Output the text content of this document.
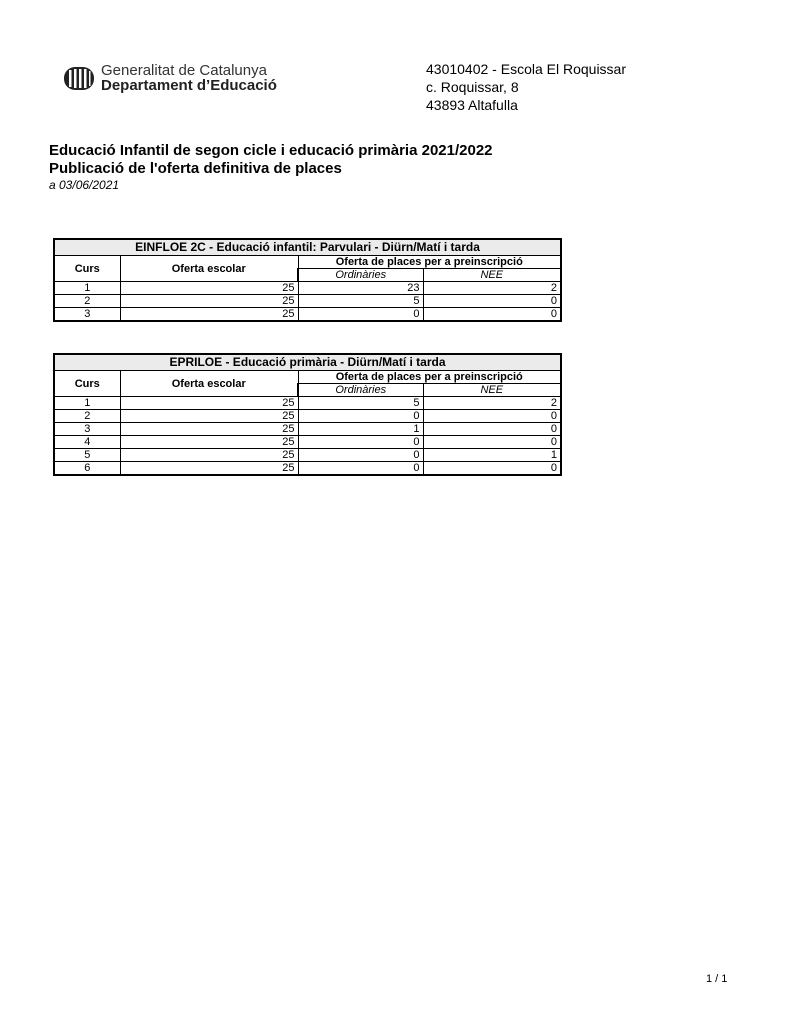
Generalitat de Catalunya
Departament d’Educació
43010402 - Escola El Roquissar
c. Roquissar, 8
43893 Altafulla
Educació Infantil de segon cicle i educació primària 2021/2022
Publicació de l'oferta definitiva de places
a 03/06/2021
EINFLOE 2C - Educació infantil: Parvulari - Diürn/Matí i tarda			
Curs	Oferta escolar	Oferta de places per a preinscripció	
		Ordinàries	NEE
1	25	23	2
2	25	5	0
3	25	0	0
EPRILOE - Educació primària - Diürn/Matí i tarda			
Curs	Oferta escolar	Oferta de places per a preinscripció	
		Ordinàries	NEE
1	25	5	2
2	25	0	0
3	25	1	0
4	25	0	0
5	25	0	1
6	25	0	0
1 / 1
